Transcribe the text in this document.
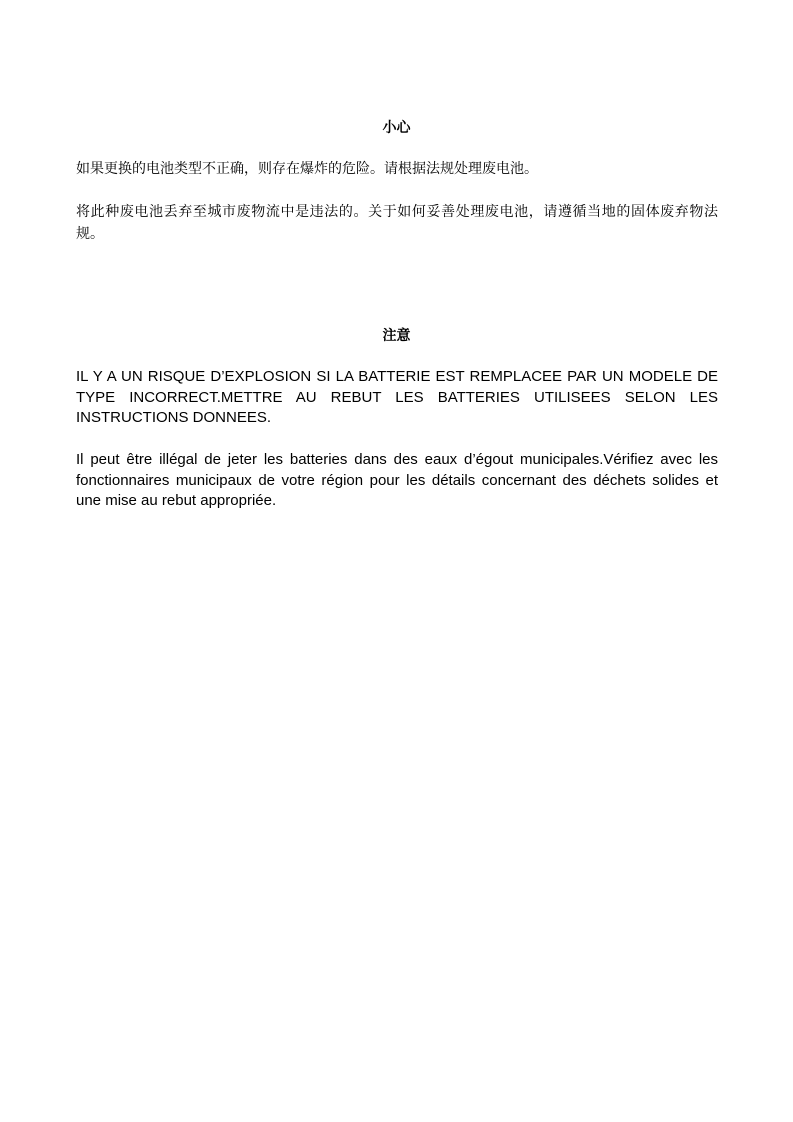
小心

如果更换的电池类型不正确，则存在爆炸的危险。请根据法规处理废电池。

将此种废电池丢弃至城市废物流中是违法的。关于如何妥善处理废电池，请遵循当地的固体废弃物法规。

注意

IL Y A UN RISQUE D’EXPLOSION SI LA BATTERIE EST REMPLACEE PAR UN MODELE DE TYPE INCORRECT.METTRE AU REBUT LES BATTERIES UTILISEES SELON LES INSTRUCTIONS DONNEES.

Il peut être illégal de jeter les batteries dans des eaux d’égout municipales.Vérifiez avec les fonctionnaires municipaux de votre région pour les détails concernant des déchets solides et une mise au rebut appropriée.
